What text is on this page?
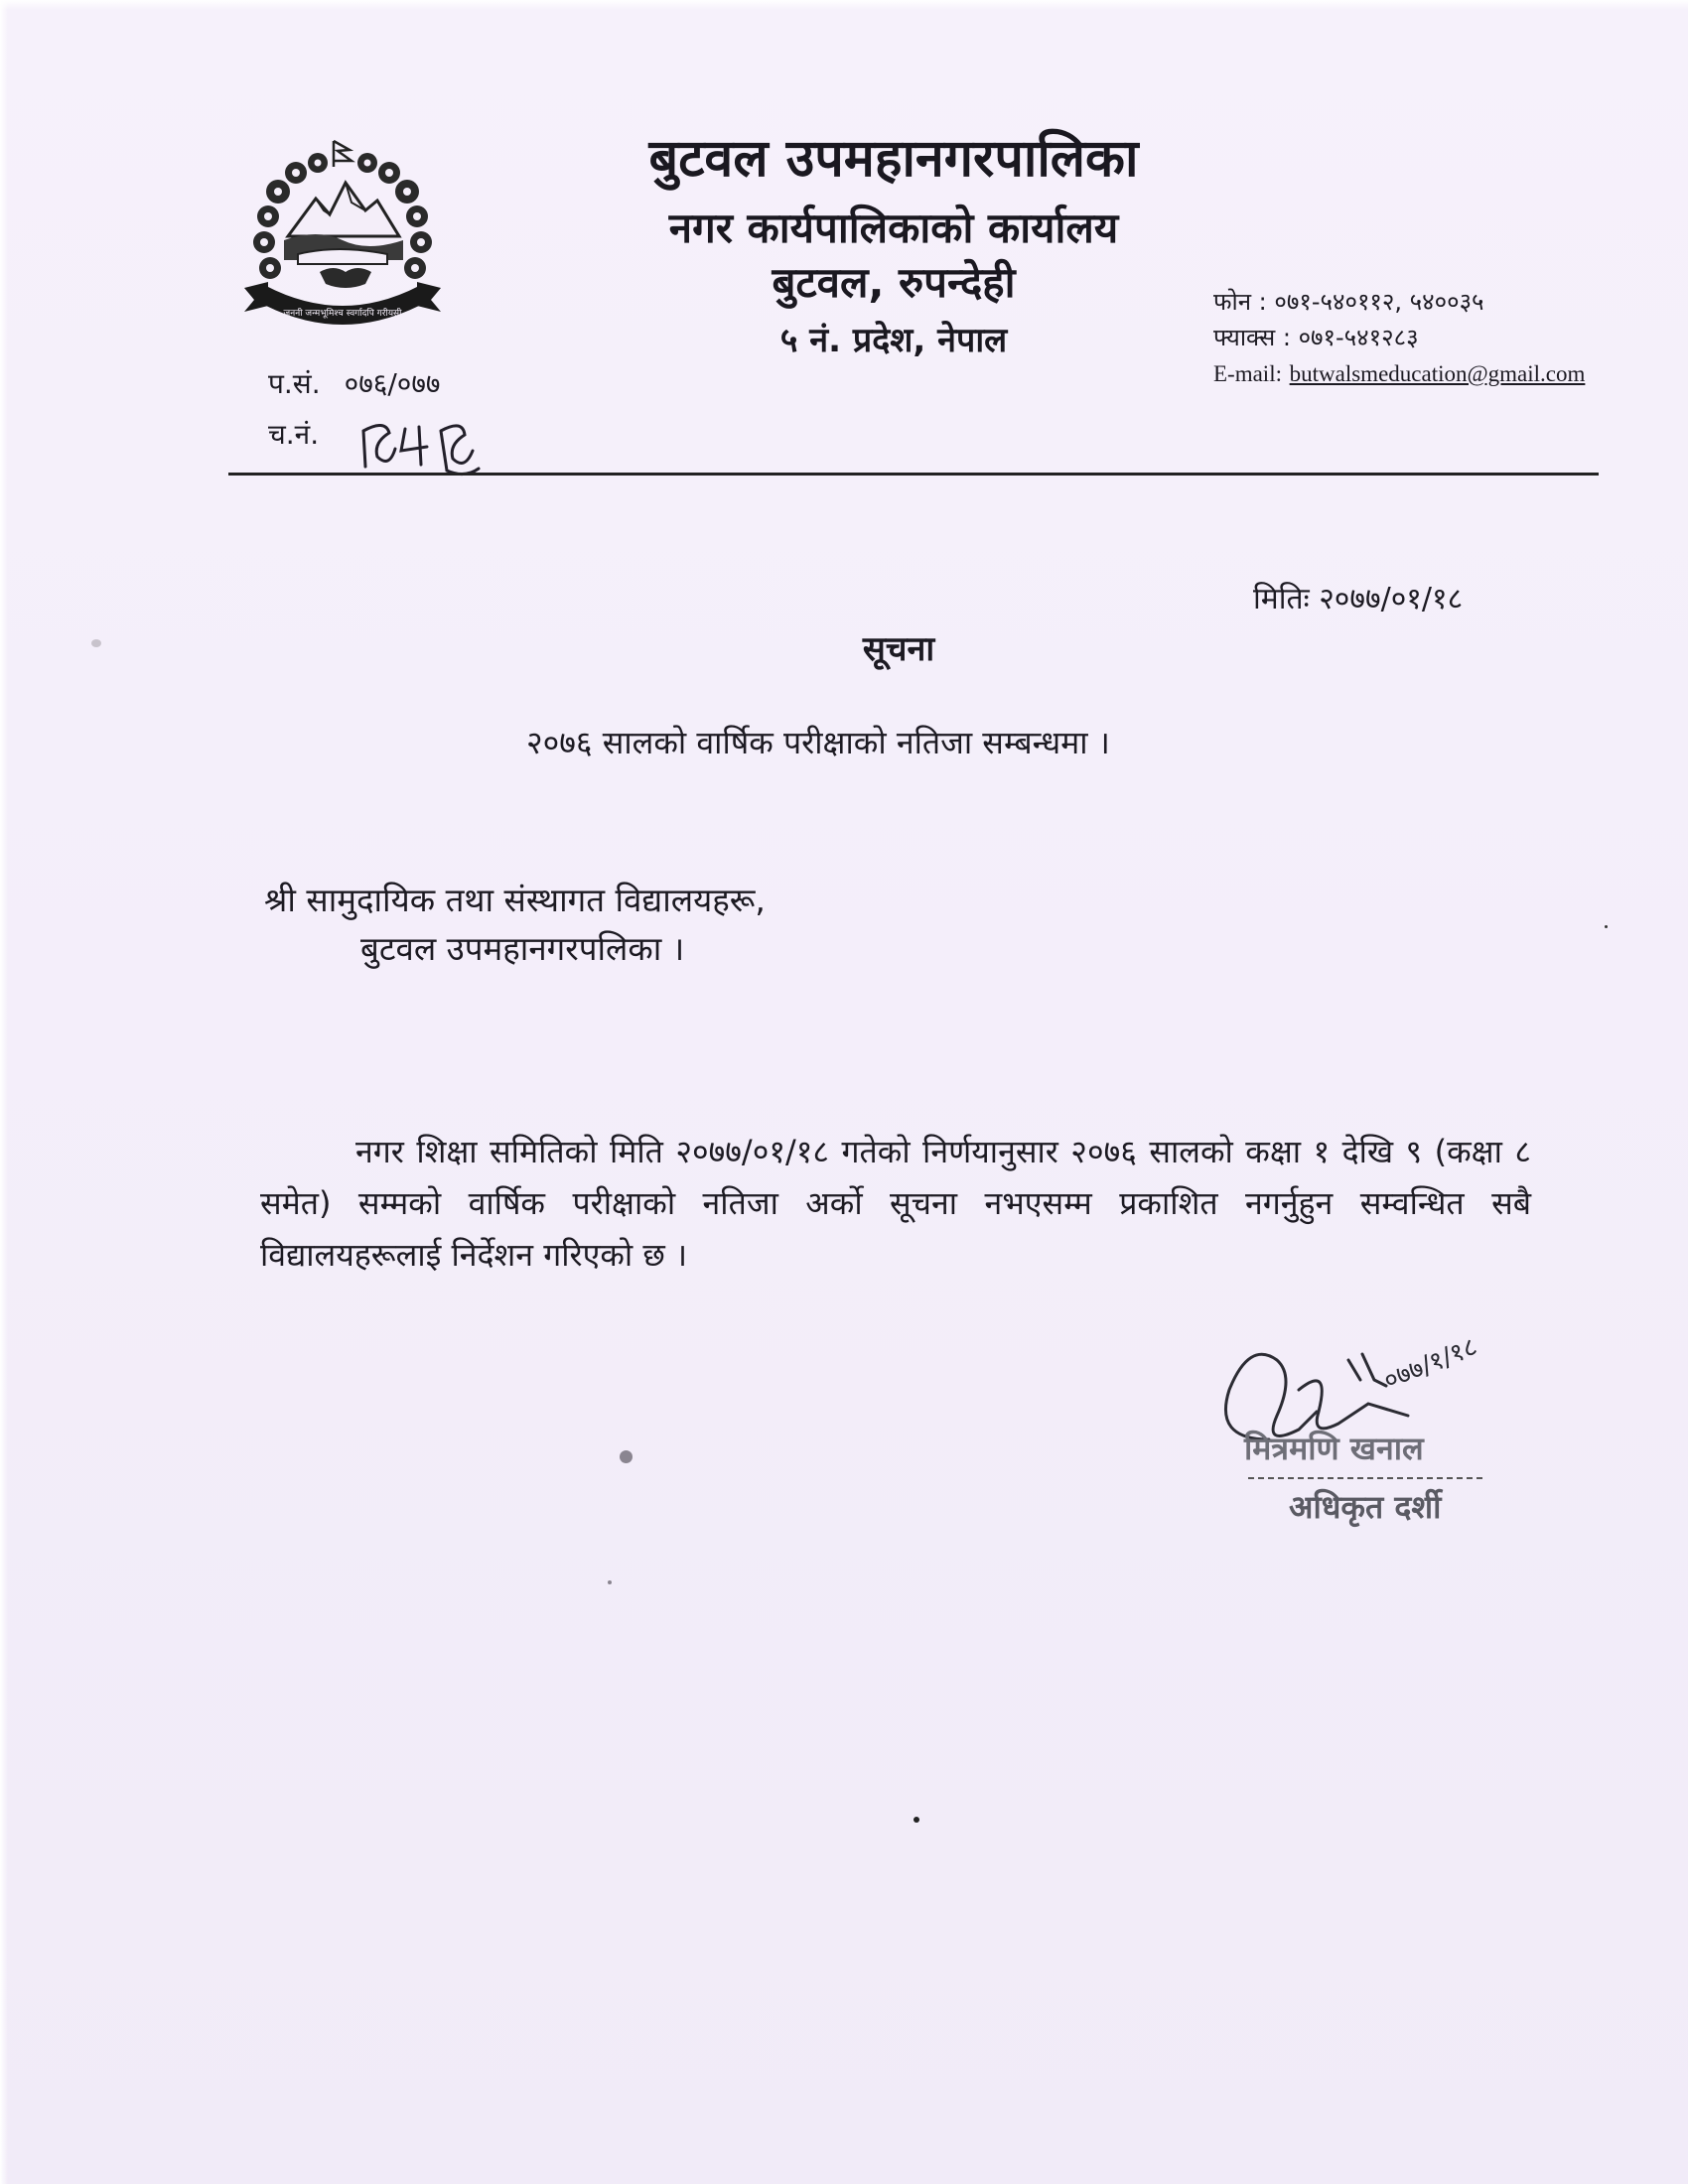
जननी जन्मभूमिश्च स्वर्गादपि गरीयसी
बुटवल उपमहानगरपालिका
नगर कार्यपालिकाको कार्यालय
बुटवल, रुपन्देही
५ नं. प्रदेश, नेपाल
फोन : ०७१-५४०११२, ५४००३५
फ्याक्स : ०७१-५४१२८३
E-mail: butwalsmeducation@gmail.com
प.सं. ०७६/०७७
च.नं.
मितिः २०७७/०१/१८
सूचना
२०७६ सालको वार्षिक परीक्षाको नतिजा सम्बन्धमा ।
श्री सामुदायिक तथा संस्थागत विद्यालयहरू,
बुटवल उपमहानगरपलिका ।
नगर शिक्षा समितिको मिति २०७७/०१/१८ गतेको निर्णयानुसार २०७६ सालको कक्षा १ देखि ९ (कक्षा ८ समेत) सम्मको वार्षिक परीक्षाको नतिजा अर्को सूचना नभएसम्म प्रकाशित नगर्नुहुन सम्वन्धित सबै विद्यालयहरूलाई निर्देशन गरिएको छ ।
०७७/१/१८
मित्रमणि खनाल
अधिकृत दर्शी
